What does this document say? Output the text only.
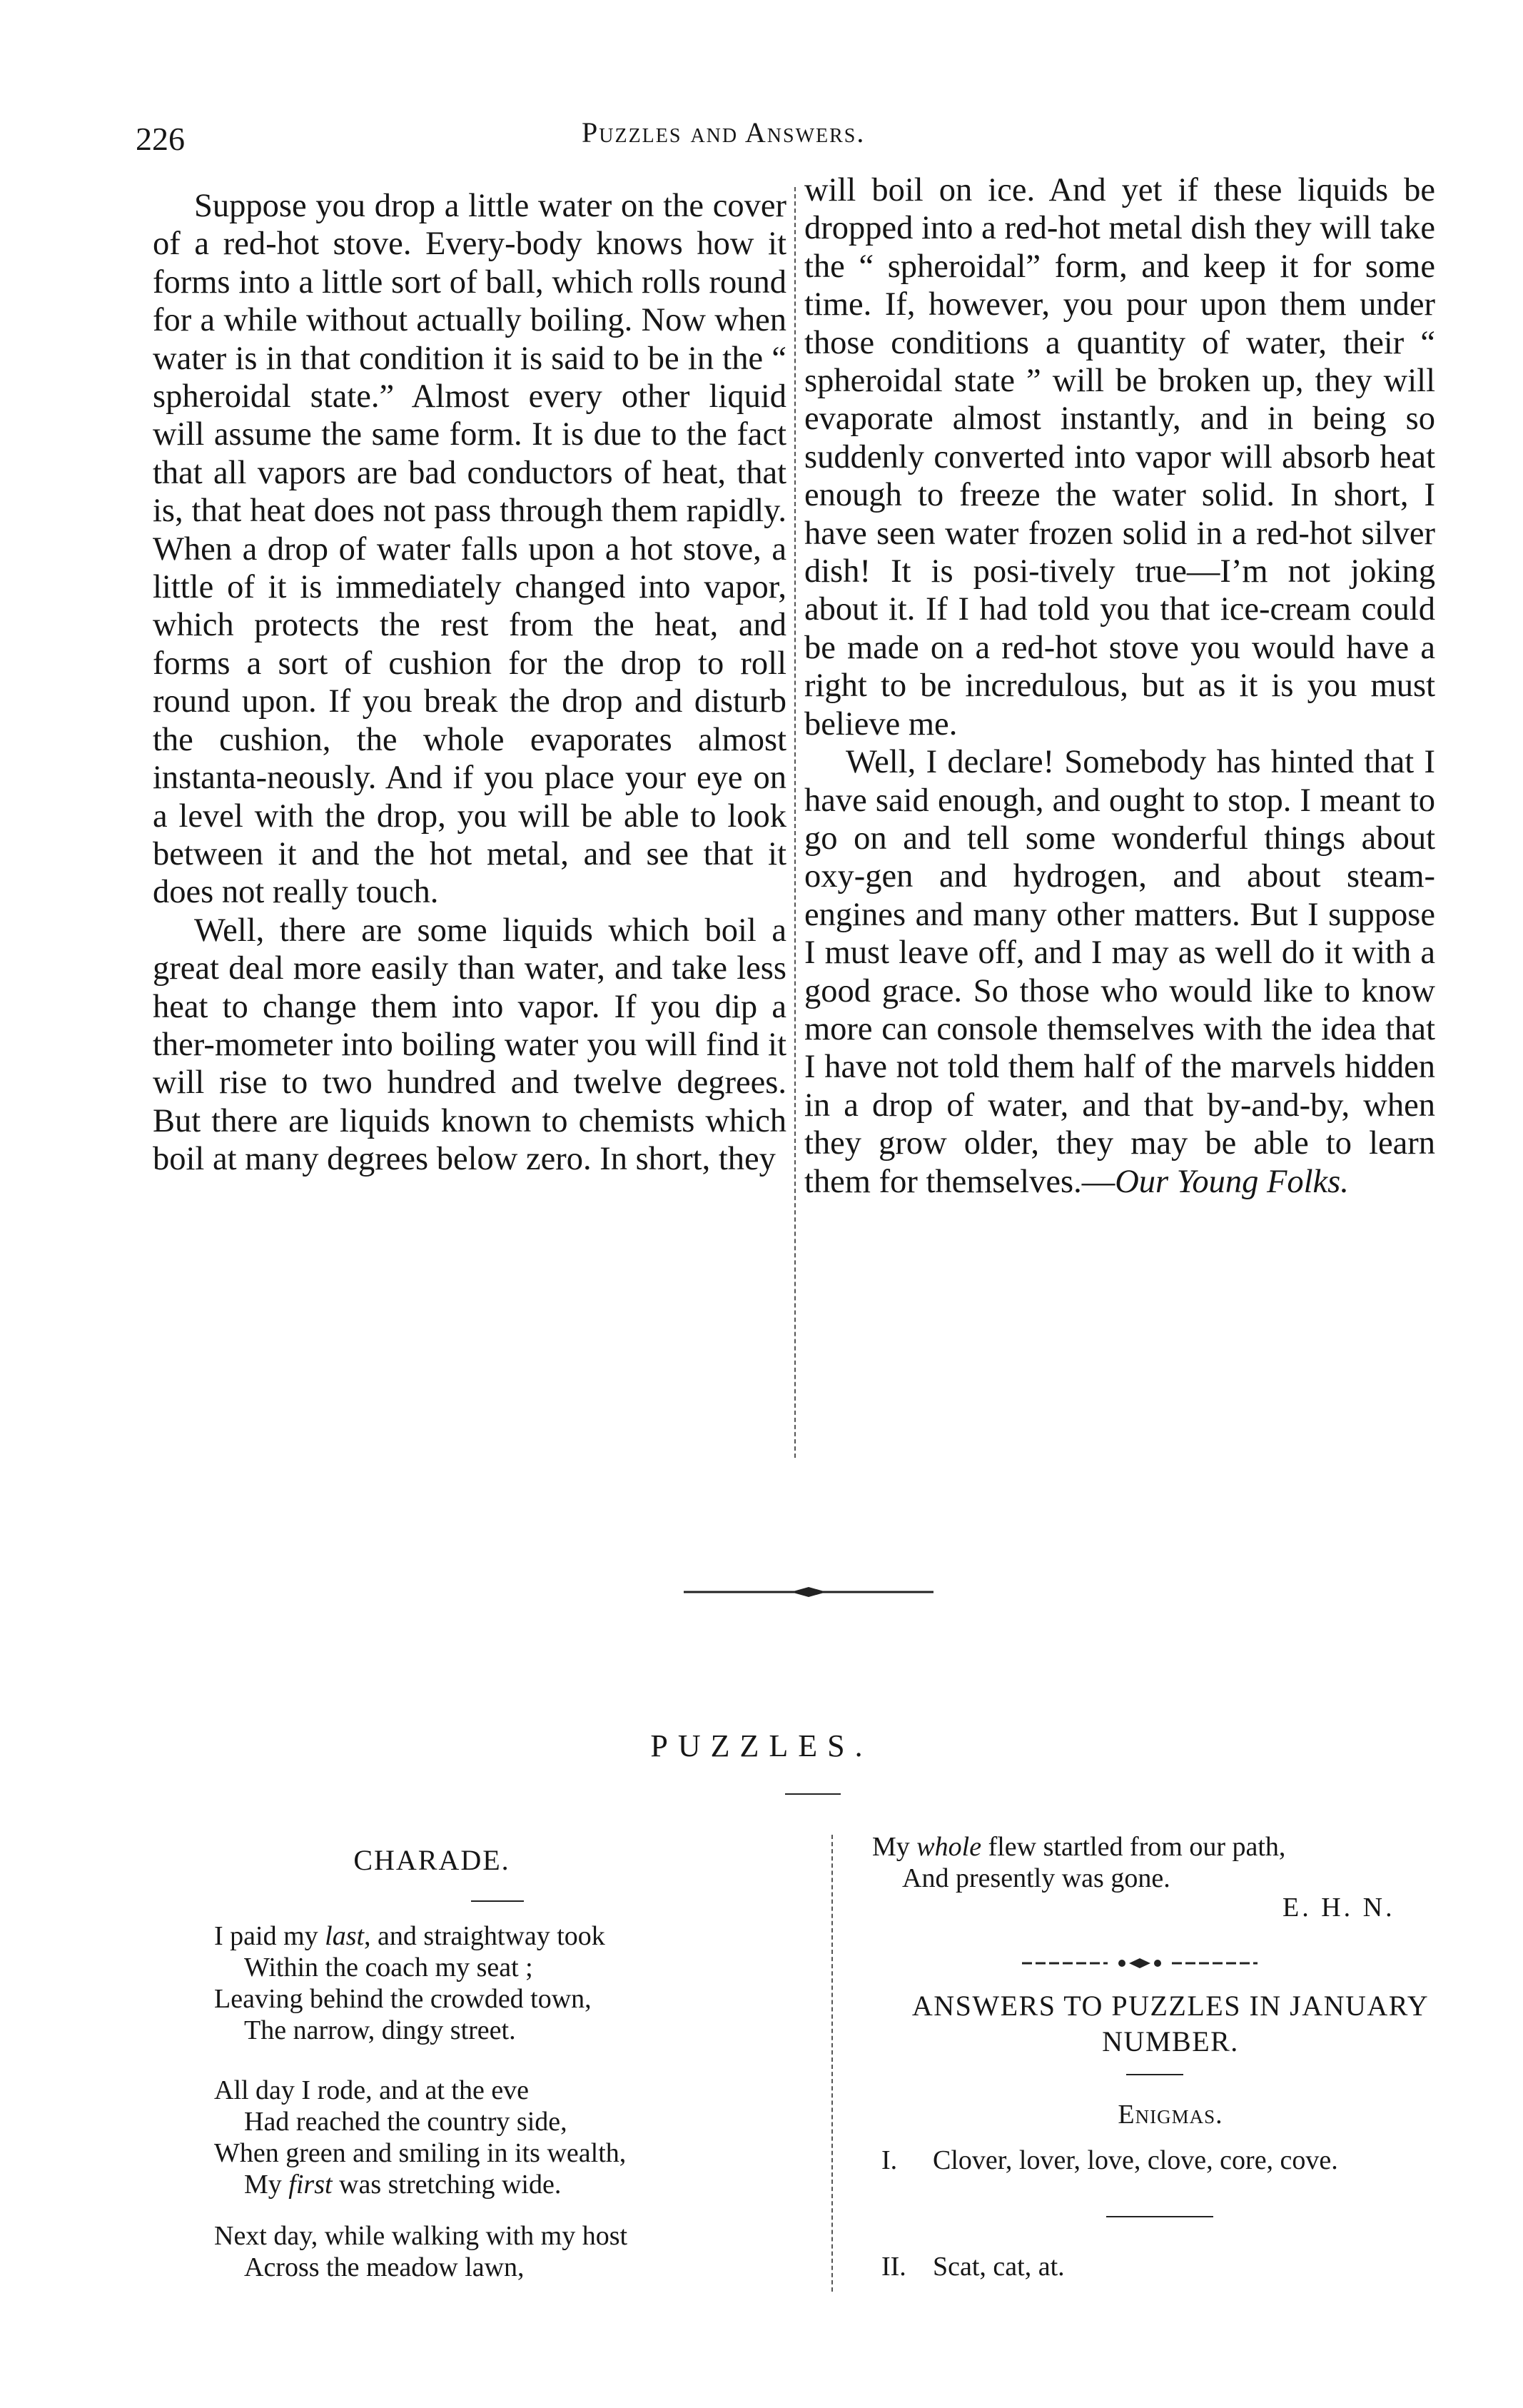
226	Puzzles and Answers.

Suppose you drop a little water on the cover of a red-hot stove. Every-body knows how it forms into a little sort of ball, which rolls round for a while without actually boiling. Now when water is in that condition it is said to be in the “ spheroidal state.” Almost every other liquid will assume the same form. It is due to the fact that all vapors are bad conductors of heat, that is, that heat does not pass through them rapidly. When a drop of water falls upon a hot stove, a little of it is immediately changed into vapor, which protects the rest from the heat, and forms a sort of cushion for the drop to roll round upon. If you break the drop and disturb the cushion, the whole evaporates almost instanta-neously. And if you place your eye on a level with the drop, you will be able to look between it and the hot metal, and see that it does not really touch.

Well, there are some liquids which boil a great deal more easily than water, and take less heat to change them into vapor. If you dip a ther-mometer into boiling water you will find it will rise to two hundred and twelve degrees. But there are liquids known to chemists which boil at many degrees below zero. In short, they

will boil on ice. And yet if these liquids be dropped into a red-hot metal dish they will take the “ spheroidal” form, and keep it for some time. If, however, you pour upon them under those conditions a quantity of water, their “ spheroidal state ” will be broken up, they will evaporate almost instantly, and in being so suddenly converted into vapor will absorb heat enough to freeze the water solid. In short, I have seen water frozen solid in a red-hot silver dish! It is posi-tively true—I’m not joking about it. If I had told you that ice-cream could be made on a red-hot stove you would have a right to be incredulous, but as it is you must believe me.

Well, I declare! Somebody has hinted that I have said enough, and ought to stop. I meant to go on and tell some wonderful things about oxy-gen and hydrogen, and about steam-engines and many other matters. But I suppose I must leave off, and I may as well do it with a good grace. So those who would like to know more can console themselves with the idea that I have not told them half of the marvels hidden in a drop of water, and that by-and-by, when they grow older, they may be able to learn them for themselves.—Our Young Folks.

PUZZLES.
CHARADE.
I paid my last, and straightway took
Within the coach my seat ;
Leaving behind the crowded town,
The narrow, dingy street.
All day I rode, and at the eve
Had reached the country side,
When green and smiling in its wealth,
My first was stretching wide.
Next day, while walking with my host
Across the meadow lawn,
My whole flew startled from our path,
And presently was gone.
E. H. N.
ANSWERS TO PUZZLES IN JANUARY NUMBER.
Enigmas.
I. Clover, lover, love, clove, core, cove.
II. Scat, cat, at.
